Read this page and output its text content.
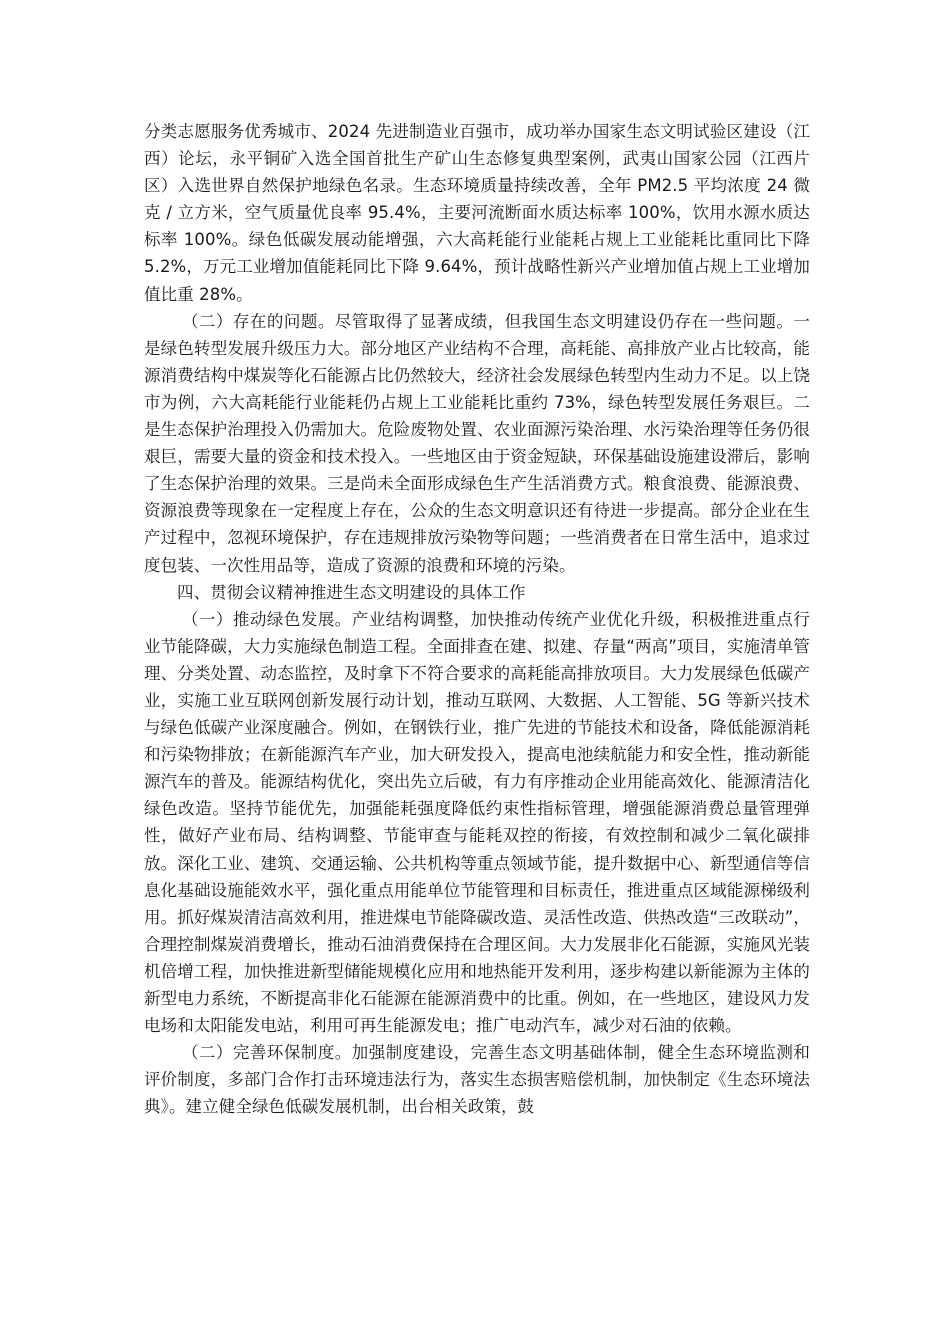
分类志愿服务优秀城市、2024 先进制造业百强市，成功举办国家生态文明试验区建设（江西）论坛，永平铜矿入选全国首批生产矿山生态修复典型案例，武夷山国家公园（江西片区）入选世界自然保护地绿色名录。生态环境质量持续改善，全年 PM2.5 平均浓度 24 微克 / 立方米，空气质量优良率 95.4%，主要河流断面水质达标率 100%，饮用水源水质达标率 100%。绿色低碳发展动能增强，六大高耗能行业能耗占规上工业能耗比重同比下降 5.2%，万元工业增加值能耗同比下降 9.64%，预计战略性新兴产业增加值占规上工业增加值比重 28%。

（二）存在的问题。尽管取得了显著成绩，但我国生态文明建设仍存在一些问题。一是绿色转型发展升级压力大。部分地区产业结构不合理，高耗能、高排放产业占比较高，能源消费结构中煤炭等化石能源占比仍然较大，经济社会发展绿色转型内生动力不足。以上饶市为例，六大高耗能行业能耗仍占规上工业能耗比重约 73%，绿色转型发展任务艰巨。二是生态保护治理投入仍需加大。危险废物处置、农业面源污染治理、水污染治理等任务仍很艰巨，需要大量的资金和技术投入。一些地区由于资金短缺，环保基础设施建设滞后，影响了生态保护治理的效果。三是尚未全面形成绿色生产生活消费方式。粮食浪费、能源浪费、资源浪费等现象在一定程度上存在，公众的生态文明意识还有待进一步提高。部分企业在生产过程中，忽视环境保护，存在违规排放污染物等问题；一些消费者在日常生活中，追求过度包装、一次性用品等，造成了资源的浪费和环境的污染。

四、贯彻会议精神推进生态文明建设的具体工作

（一）推动绿色发展。产业结构调整，加快推动传统产业优化升级，积极推进重点行业节能降碳，大力实施绿色制造工程。全面排查在建、拟建、存量“两高”项目，实施清单管理、分类处置、动态监控，及时拿下不符合要求的高耗能高排放项目。大力发展绿色低碳产业，实施工业互联网创新发展行动计划，推动互联网、大数据、人工智能、5G 等新兴技术与绿色低碳产业深度融合。例如，在钢铁行业，推广先进的节能技术和设备，降低能源消耗和污染物排放；在新能源汽车产业，加大研发投入，提高电池续航能力和安全性，推动新能源汽车的普及。能源结构优化，突出先立后破，有力有序推动企业用能高效化、能源清洁化绿色改造。坚持节能优先，加强能耗强度降低约束性指标管理，增强能源消费总量管理弹性，做好产业布局、结构调整、节能审查与能耗双控的衔接，有效控制和减少二氧化碳排放。深化工业、建筑、交通运输、公共机构等重点领域节能，提升数据中心、新型通信等信息化基础设施能效水平，强化重点用能单位节能管理和目标责任，推进重点区域能源梯级利用。抓好煤炭清洁高效利用，推进煤电节能降碳改造、灵活性改造、供热改造“三改联动”，合理控制煤炭消费增长，推动石油消费保持在合理区间。大力发展非化石能源，实施风光装机倍增工程，加快推进新型储能规模化应用和地热能开发利用，逐步构建以新能源为主体的新型电力系统，不断提高非化石能源在能源消费中的比重。例如，在一些地区，建设风力发电场和太阳能发电站，利用可再生能源发电；推广电动汽车，减少对石油的依赖。

（二）完善环保制度。加强制度建设，完善生态文明基础体制，健全生态环境监测和评价制度，多部门合作打击环境违法行为，落实生态损害赔偿机制，加快制定《生态环境法典》。建立健全绿色低碳发展机制，出台相关政策，鼓
